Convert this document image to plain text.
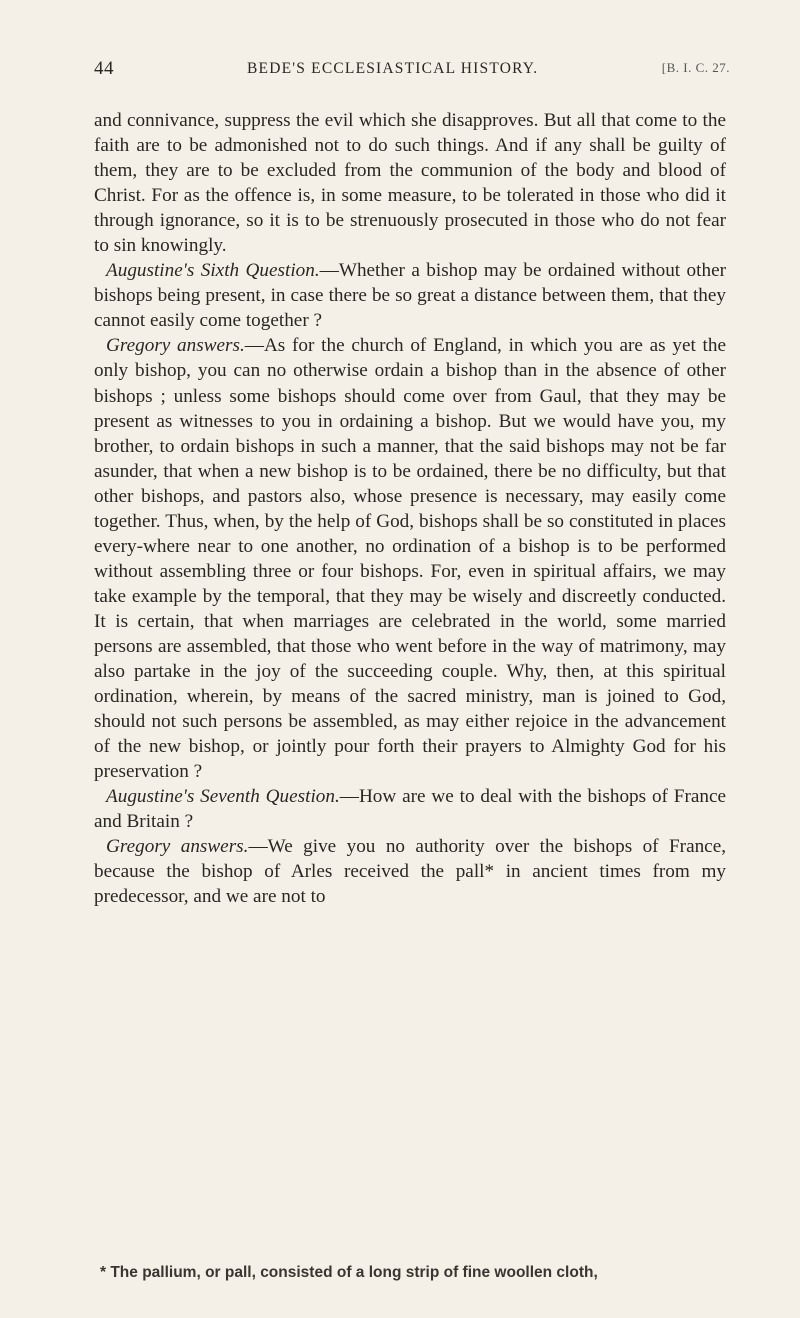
44	BEDE'S ECCLESIASTICAL HISTORY.	[B. I. C. 27.

and connivance, suppress the evil which she disapproves. But all that come to the faith are to be admonished not to do such things. And if any shall be guilty of them, they are to be excluded from the communion of the body and blood of Christ. For as the offence is, in some measure, to be tolerated in those who did it through ignorance, so it is to be strenuously prosecuted in those who do not fear to sin knowingly.

Augustine's Sixth Question.—Whether a bishop may be ordained without other bishops being present, in case there be so great a distance between them, that they cannot easily come together ?

Gregory answers.—As for the church of England, in which you are as yet the only bishop, you can no otherwise ordain a bishop than in the absence of other bishops ; unless some bishops should come over from Gaul, that they may be present as witnesses to you in ordaining a bishop. But we would have you, my brother, to ordain bishops in such a manner, that the said bishops may not be far asunder, that when a new bishop is to be ordained, there be no difficulty, but that other bishops, and pastors also, whose presence is necessary, may easily come together. Thus, when, by the help of God, bishops shall be so constituted in places every-where near to one another, no ordination of a bishop is to be performed without assembling three or four bishops. For, even in spiritual affairs, we may take example by the temporal, that they may be wisely and discreetly conducted. It is certain, that when marriages are celebrated in the world, some married persons are assembled, that those who went before in the way of matrimony, may also partake in the joy of the succeeding couple. Why, then, at this spiritual ordination, wherein, by means of the sacred ministry, man is joined to God, should not such persons be assembled, as may either rejoice in the advancement of the new bishop, or jointly pour forth their prayers to Almighty God for his preservation ?

Augustine's Seventh Question.—How are we to deal with the bishops of France and Britain ?

Gregory answers.—We give you no authority over the bishops of France, because the bishop of Arles received the pall* in ancient times from my predecessor, and we are not to

* The pallium, or pall, consisted of a long strip of fine woollen cloth,
